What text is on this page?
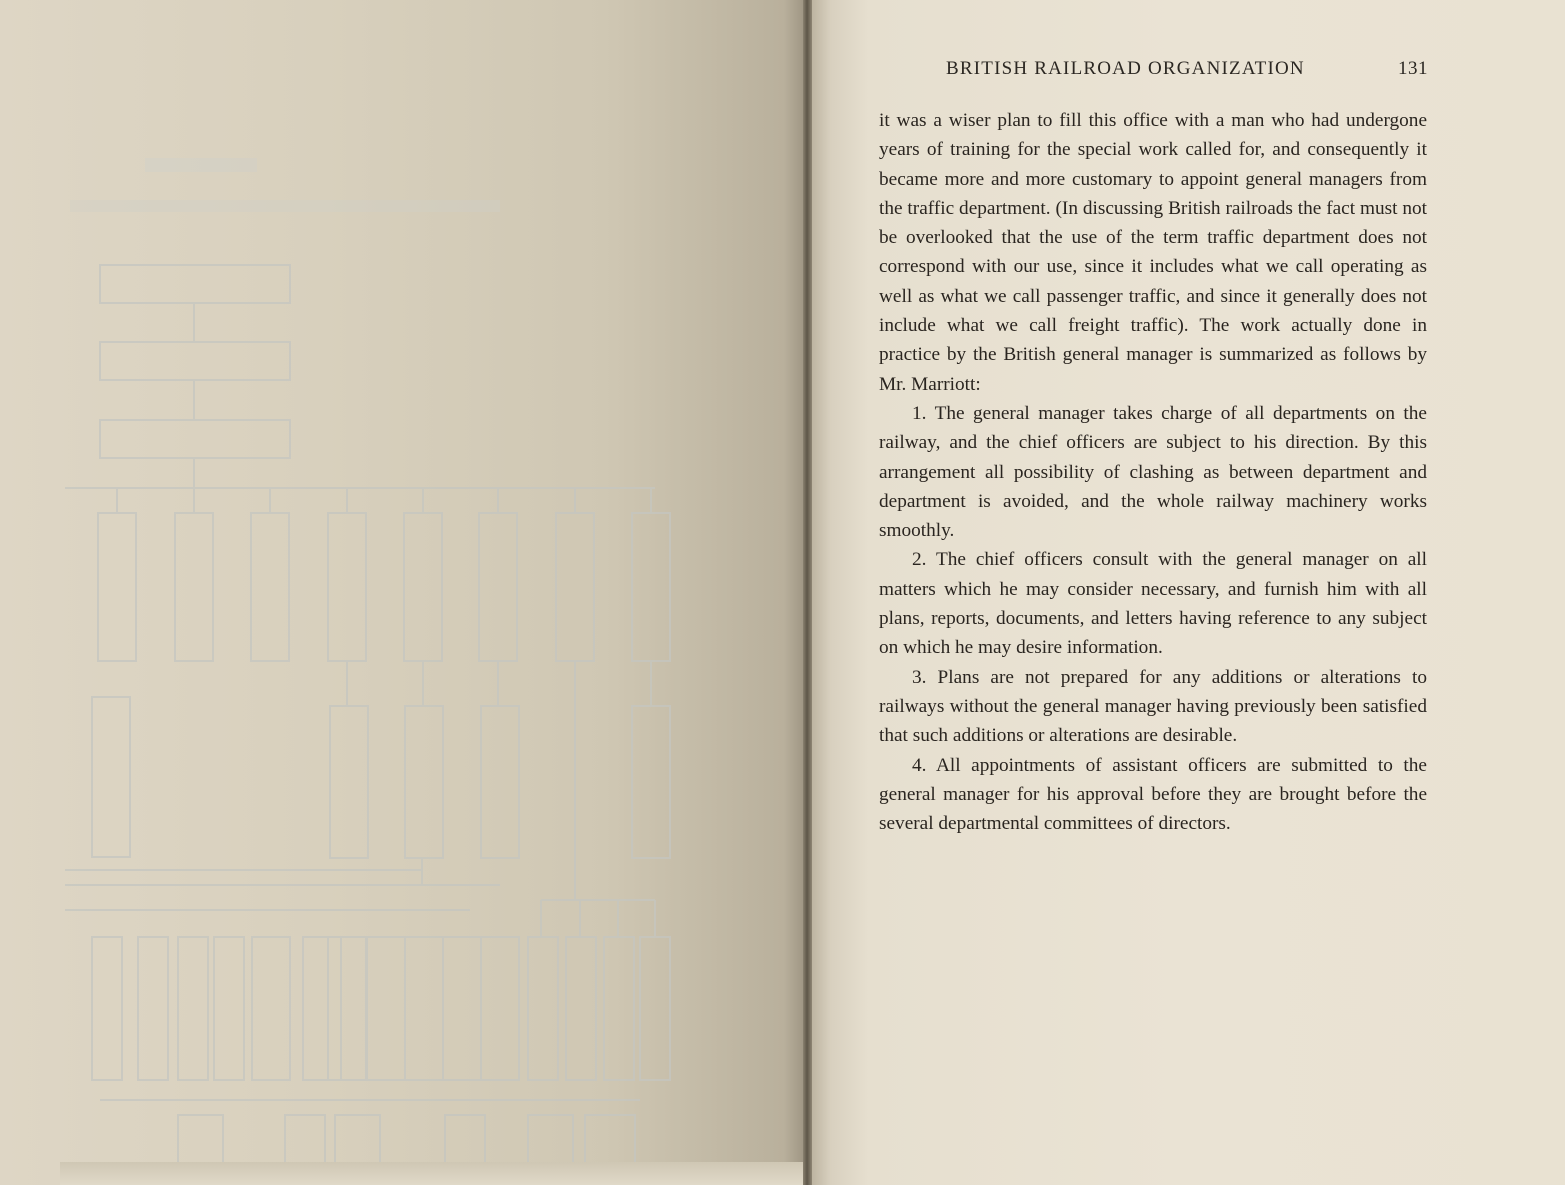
BRITISH RAILROAD ORGANIZATION	131

it was a wiser plan to fill this office with a man who had undergone years of training for the special work called for, and consequently it became more and more customary to appoint general managers from the traffic department. (In discussing British railroads the fact must not be overlooked that the use of the term traffic department does not correspond with our use, since it includes what we call operating as well as what we call passenger traffic, and since it generally does not include what we call freight traffic). The work actually done in practice by the British general manager is summarized as follows by Mr. Marriott:

1. The general manager takes charge of all departments on the railway, and the chief officers are subject to his direction. By this arrangement all possibility of clashing as between department and department is avoided, and the whole railway machinery works smoothly.

2. The chief officers consult with the general manager on all matters which he may consider necessary, and furnish him with all plans, reports, documents, and letters having reference to any subject on which he may desire information.

3. Plans are not prepared for any additions or alterations to railways without the general manager having previously been satisfied that such additions or alterations are desirable.

4. All appointments of assistant officers are submitted to the general manager for his approval before they are brought before the several departmental committees of directors.
